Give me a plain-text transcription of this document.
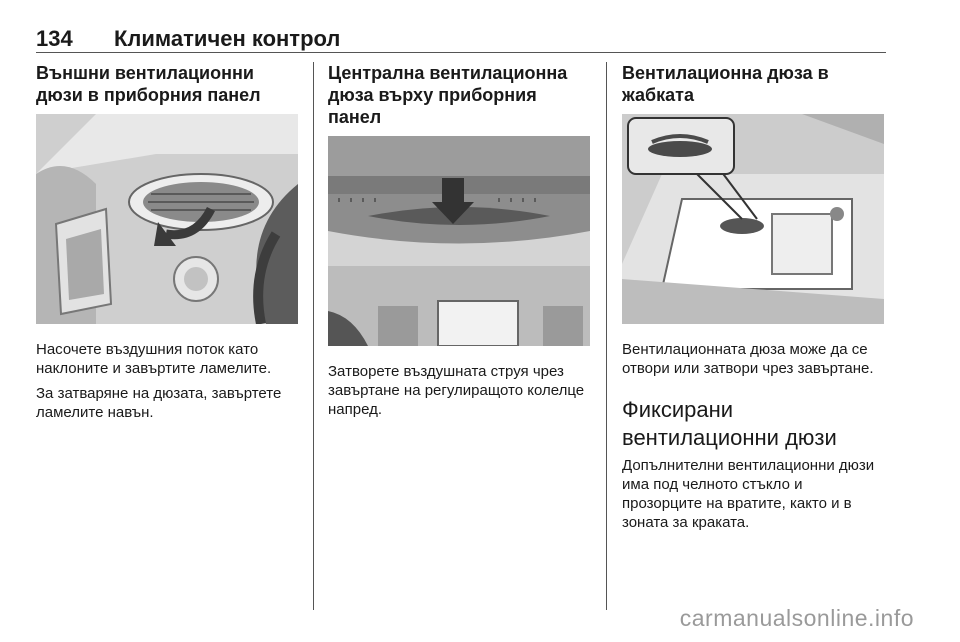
134 Климатичен контрол
Външни вентилационни дюзи в приборния панел

Насочете въздушния поток като наклоните и завъртите ламелите.

За затваряне на дюзата, завъртете ламелите навън.

Централна вентилационна дюза върху приборния панел

Затворете въздушната струя чрез завъртане на регулиращото колелце напред.

Вентилационна дюза в жабката

Вентилационната дюза може да се отвори или затвори чрез завъртане.

Фиксирани вентилационни дюзи

Допълнителни вентилационни дюзи има под челното стъкло и прозорците на вратите, както и в зоната за краката.

carmanualsonline.info
